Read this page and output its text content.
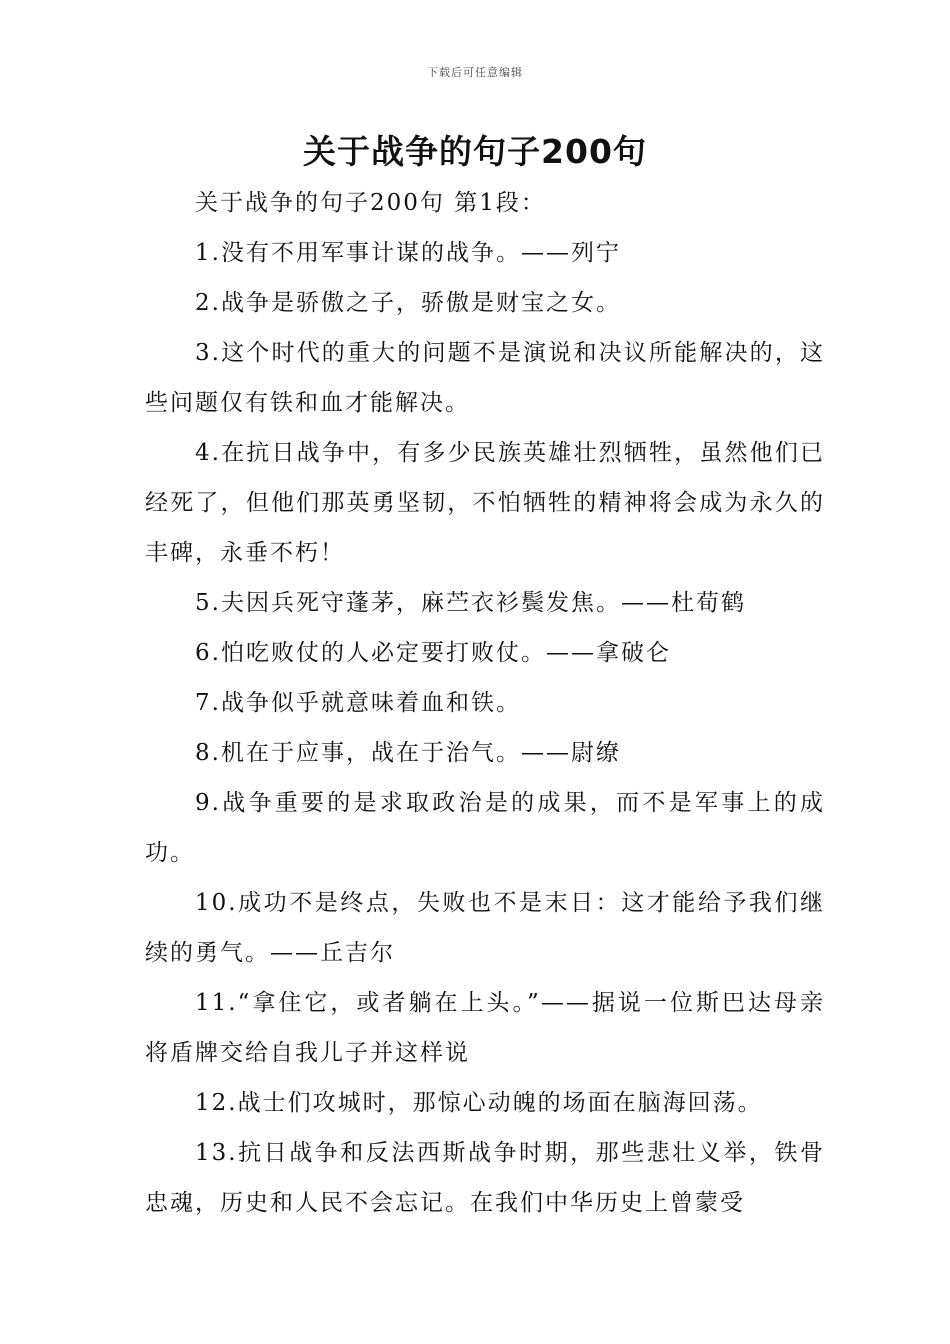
下载后可任意编辑
关于战争的句子200句

关于战争的句子200句 第1段：

1.没有不用军事计谋的战争。——列宁

2.战争是骄傲之子，骄傲是财宝之女。

3.这个时代的重大的问题不是演说和决议所能解决的，这些问题仅有铁和血才能解决。

4.在抗日战争中，有多少民族英雄壮烈牺牲，虽然他们已经死了，但他们那英勇坚韧，不怕牺牲的精神将会成为永久的丰碑，永垂不朽！

5.夫因兵死守蓬茅，麻苎衣衫鬓发焦。——杜荀鹤

6.怕吃败仗的人必定要打败仗。——拿破仑

7.战争似乎就意味着血和铁。

8.机在于应事，战在于治气。——尉缭

9.战争重要的是求取政治是的成果，而不是军事上的成功。

10.成功不是终点，失败也不是末日：这才能给予我们继续的勇气。——丘吉尔

11.“拿住它，或者躺在上头。”——据说一位斯巴达母亲将盾牌交给自我儿子并这样说

12.战士们攻城时，那惊心动魄的场面在脑海回荡。

13.抗日战争和反法西斯战争时期，那些悲壮义举，铁骨忠魂，历史和人民不会忘记。在我们中华历史上曾蒙受
